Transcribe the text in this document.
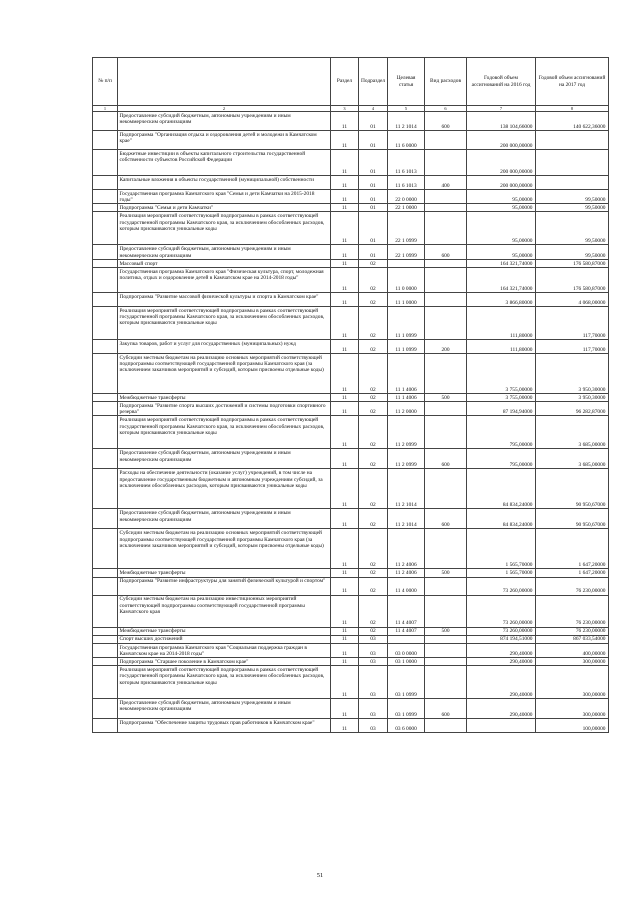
№ п/п		Раздел	Подраздел	Целевая статья	Вид расходов	Годовой объем ассигнований на 2016 год	Годовой объем ассигнований на 2017 год
1	2	3	4	5	6	7	8
	Предоставление субсидий бюджетным, автономным учреждениям и иным некоммерческим организациям	11	01	11 2 1014	600	138 104,66000	140 622,36000
	Подпрограмма "Организация отдыха и оздоровления детей и молодежи в Камчатском крае"	11	01	11 6 0000		200 000,00000	
	Бюджетные инвестиции в объекты капитального строительства государственной собственности субъектов Российской Федерации	11	01	11 6 1013		200 000,00000	
	Капитальные вложения в объекты государственной (муниципальной) собственности	11	01	11 6 1013	400	200 000,00000	
	Государственная программа Камчатского края "Семья и дети Камчатки на 2015-2018 годы"	11	01	22 0 0000		95,00000	99,50000
	Подпрограмма "Семья и дети Камчатки"	11	01	22 1 0000		95,00000	99,50000
	Реализация мероприятий соответствующей подпрограммы в рамках соответствующей государственной программы Камчатского края, за исключением обособленных расходов, которым присваиваются уникальные коды	11	01	22 1 0999		95,00000	99,50000
	Предоставление субсидий бюджетным, автономным учреждениям и иным некоммерческим организациям	11	01	22 1 0999	600	95,00000	99,50000
	Массовый спорт	11	02			164 321,74000	176 580,87000
	Государственная программа Камчатского края "Физическая культура, спорт, молодежная политика, отдых и оздоровление детей в Камчатском крае на 2014-2018 годы"	11	02	11 0 0000		164 321,74000	176 580,87000
	Подпрограмма "Развитие массовой физической культуры и спорта в Камчатском крае"	11	02	11 1 0000		3 866,80000	4 068,00000
	Реализация мероприятий соответствующей подпрограммы в рамках соответствующей государственной программы Камчатского края, за исключением обособленных расходов, которым присваиваются уникальные коды	11	02	11 1 0999		111,80000	117,70000
	Закупка товаров, работ и услуг для государственных (муниципальных) нужд	11	02	11 1 0999	200	111,80000	117,70000
	Субсидии местным бюджетам на реализацию основных мероприятий соответствующей подпрограммы соответствующей государственной программы Камчатского края (за исключением заказчиков мероприятий и субсидий, которым присвоены отдельные коды)	11	02	11 1 4006		3 755,00000	3 950,30000
	Межбюджетные трансферты	11	02	11 1 4006	500	3 755,00000	3 950,30000
	Подпрограмма "Развитие спорта высших достижений и системы подготовки спортивного резерва"	11	02	11 2 0000		87 194,94000	96 282,87000
	Реализация мероприятий соответствующей подпрограммы в рамках соответствующей государственной программы Камчатского края, за исключением обособленных расходов, которым присваиваются уникальные коды	11	02	11 2 0999		795,00000	3 685,00000
	Предоставление субсидий бюджетным, автономным учреждениям и иным некоммерческим организациям	11	02	11 2 0999	600	795,00000	3 685,00000
	Расходы на обеспечение деятельности (оказание услуг) учреждений, в том числе на предоставление государственным бюджетным и автономным учреждениям субсидий, за исключением обособленных расходов, которым присваиваются уникальные коды	11	02	11 2 1014		84 834,24000	90 950,67000
	Предоставление субсидий бюджетным, автономным учреждениям и иным некоммерческим организациям	11	02	11 2 1014	600	84 834,24000	90 950,67000
	Субсидии местным бюджетам на реализацию основных мероприятий соответствующей подпрограммы соответствующей государственной программы Камчатского края (за исключением заказчиков мероприятий и субсидий, которым присвоены отдельные коды)	11	02	11 2 4006		1 565,70000	1 647,20000
	Межбюджетные трансферты	11	02	11 2 4006	500	1 565,70000	1 647,20000
	Подпрограмма "Развитие инфраструктуры для занятий физической культурой и спортом"	11	02	11 4 0000		73 260,00000	76 230,00000
	Субсидии местным бюджетам на реализацию инвестиционных мероприятий соответствующей подпрограммы соответствующей государственной программы Камчатского края	11	02	11 4 4007		73 260,00000	76 230,00000
	Межбюджетные трансферты	11	02	11 4 4007	500	73 260,00000	76 230,00000
	Спорт высших достижений	11	03			874 194,51000	867 033,54000
	Государственная программа Камчатского края "Социальная поддержка граждан в Камчатском крае на 2014-2018 годы"	11	03	03 0 0000		290,40000	400,00000
	Подпрограмма "Старшее поколение в Камчатском крае"	11	03	03 1 0000		290,40000	300,00000
	Реализация мероприятий соответствующей подпрограммы в рамках соответствующей государственной программы Камчатского края, за исключением обособленных расходов, которым присваиваются уникальные коды	11	03	03 1 0999		290,40000	300,00000
	Предоставление субсидий бюджетным, автономным учреждениям и иным некоммерческим организациям	11	03	03 1 0999	600	290,40000	300,00000
	Подпрограмма "Обеспечение защиты трудовых прав работников в Камчатском крае"	11	03	03 6 0000			100,00000
51
